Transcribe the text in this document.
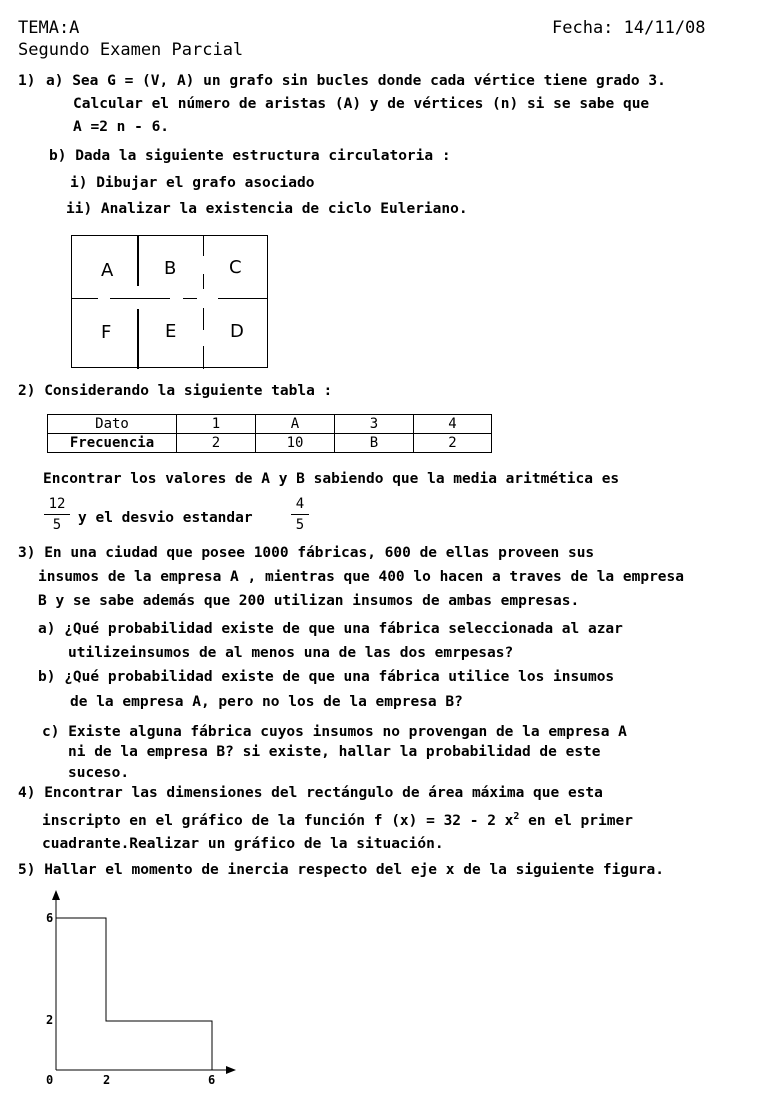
TEMA:A	Fecha: 14/11/08
Segundo Examen Parcial
1) a) Sea G = (V, A) un grafo sin bucles donde cada vértice tiene grado 3.
Calcular el número de aristas (A) y de vértices (n) si se sabe que
A =2 n - 6.
b) Dada la siguiente estructura circulatoria :
i) Dibujar el grafo asociado
ii) Analizar la existencia de ciclo Euleriano.
A	B	C
F	E	D
2) Considerando la siguiente tabla :
Dato	1	A	3	4
Frecuencia	2	10	B	2
Encontrar los valores de A y B sabiendo que la media aritmética es
12
5	y el desvio estandar
4
5
3) En una ciudad que posee 1000 fábricas, 600 de ellas proveen sus
insumos de la empresa A , mientras que 400 lo hacen a traves de la empresa
B y se sabe además que 200 utilizan insumos de ambas empresas.
a) ¿Qué probabilidad existe de que una fábrica seleccionada al azar
utilizeinsumos de al menos una de las dos emrpesas?
b) ¿Qué probabilidad existe de que una fábrica utilice los insumos
de la empresa A, pero no los de la empresa B?
c) Existe alguna fábrica cuyos insumos no provengan de la empresa A
ni de la empresa B? si existe, hallar la probabilidad de este
suceso.
4) Encontrar las dimensiones del rectángulo de área máxima que esta
inscripto en el gráfico de la función f (x) = 32 - 2 $x^2$ en el primer
cuadrante.Realizar un gráfico de la situación.
5) Hallar el momento de inercia respecto del eje x de la siguiente figura.
6
2
0	2	6
